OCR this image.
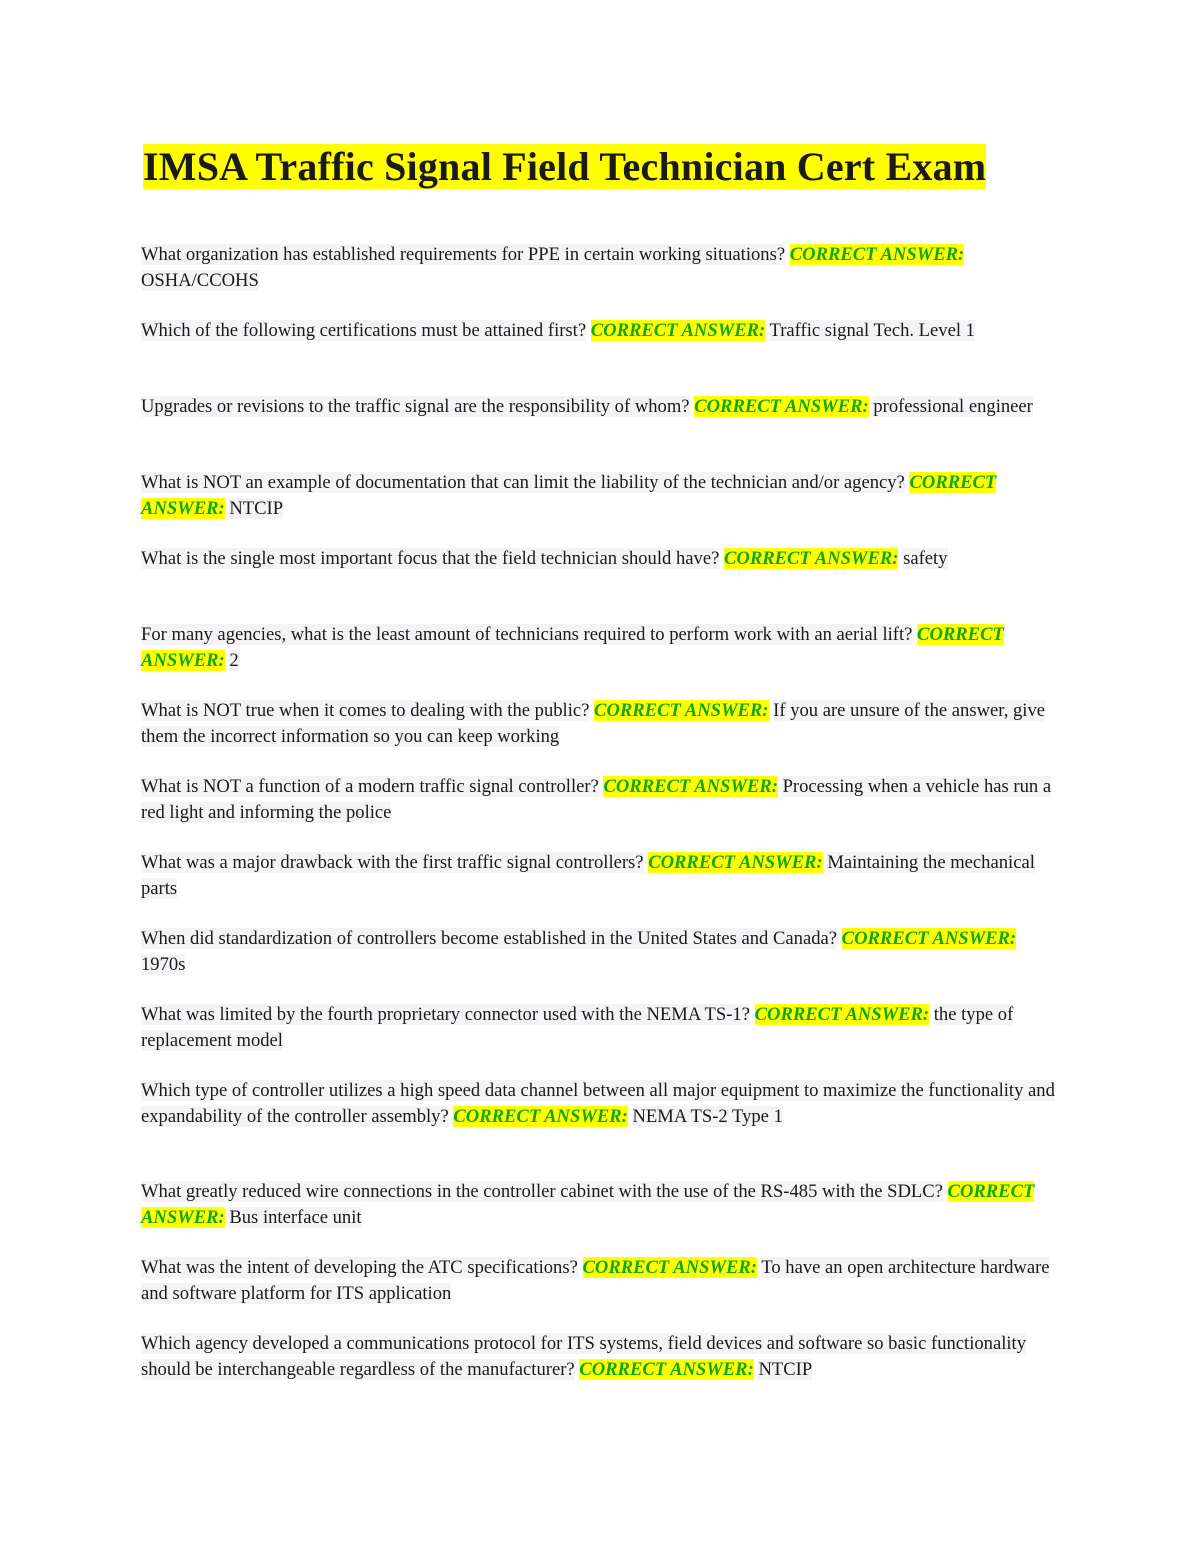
IMSA Traffic Signal Field Technician Cert Exam

What organization has established requirements for PPE in certain working situations? CORRECT ANSWER: OSHA/CCOHS

Which of the following certifications must be attained first? CORRECT ANSWER: Traffic signal Tech. Level 1

Upgrades or revisions to the traffic signal are the responsibility of whom? CORRECT ANSWER: professional engineer

What is NOT an example of documentation that can limit the liability of the technician and/or agency? CORRECT ANSWER: NTCIP

What is the single most important focus that the field technician should have? CORRECT ANSWER: safety

For many agencies, what is the least amount of technicians required to perform work with an aerial lift? CORRECT ANSWER: 2

What is NOT true when it comes to dealing with the public? CORRECT ANSWER: If you are unsure of the answer, give them the incorrect information so you can keep working

What is NOT a function of a modern traffic signal controller? CORRECT ANSWER: Processing when a vehicle has run a red light and informing the police

What was a major drawback with the first traffic signal controllers? CORRECT ANSWER: Maintaining the mechanical parts

When did standardization of controllers become established in the United States and Canada? CORRECT ANSWER: 1970s

What was limited by the fourth proprietary connector used with the NEMA TS-1? CORRECT ANSWER: the type of replacement model

Which type of controller utilizes a high speed data channel between all major equipment to maximize the functionality and expandability of the controller assembly? CORRECT ANSWER: NEMA TS-2 Type 1

What greatly reduced wire connections in the controller cabinet with the use of the RS-485 with the SDLC? CORRECT ANSWER: Bus interface unit

What was the intent of developing the ATC specifications? CORRECT ANSWER: To have an open architecture hardware and software platform for ITS application

Which agency developed a communications protocol for ITS systems, field devices and software so basic functionality should be interchangeable regardless of the manufacturer? CORRECT ANSWER: NTCIP
